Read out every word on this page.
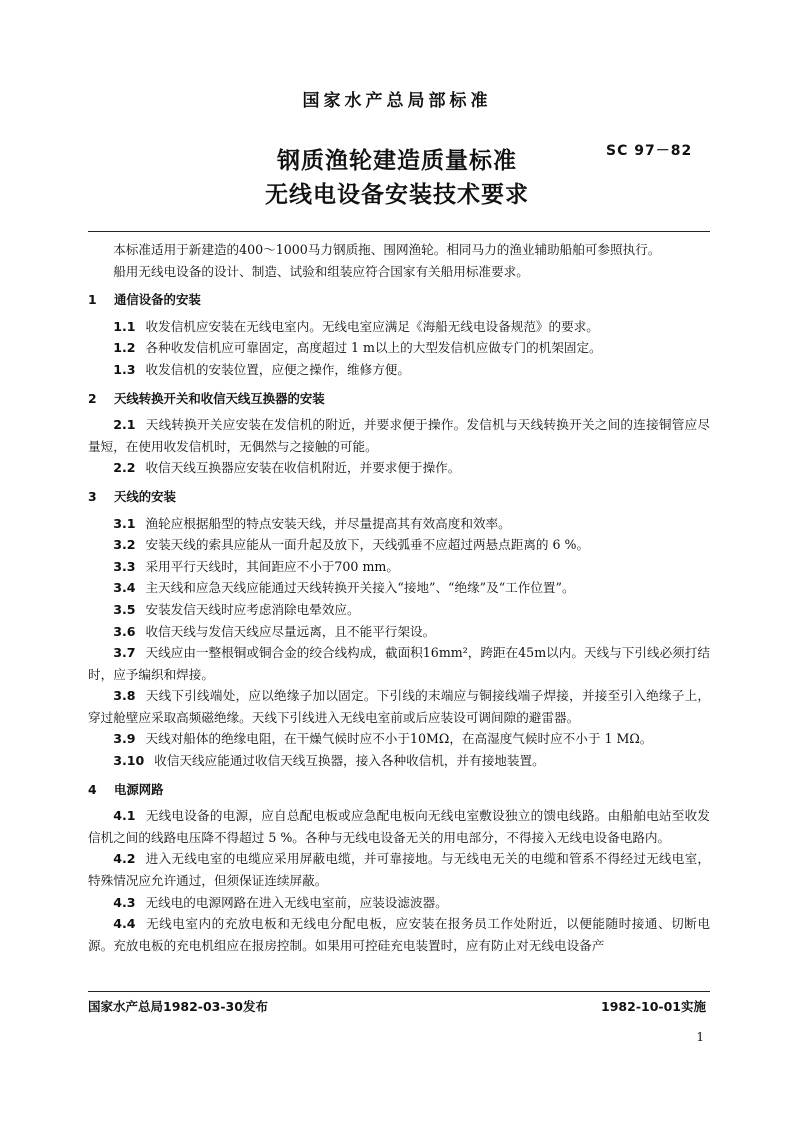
国家水产总局部标准
钢质渔轮建造质量标准
无线电设备安装技术要求
SC 97－82

本标准适用于新建造的400～1000马力钢质拖、围网渔轮。相同马力的渔业辅助船舶可参照执行。

船用无线电设备的设计、制造、试验和组装应符合国家有关船用标准要求。

1 通信设备的安装

1.1 收发信机应安装在无线电室内。无线电室应满足《海船无线电设备规范》的要求。

1.2 各种收发信机应可靠固定，高度超过 1 m以上的大型发信机应做专门的机架固定。

1.3 收发信机的安装位置，应便之操作，维修方便。

2 天线转换开关和收信天线互换器的安装

2.1 天线转换开关应安装在发信机的附近，并要求便于操作。发信机与天线转换开关之间的连接铜管应尽量短，在使用收发信机时，无偶然与之接触的可能。

2.2 收信天线互换器应安装在收信机附近，并要求便于操作。

3 天线的安装

3.1 渔轮应根据船型的特点安装天线，并尽量提高其有效高度和效率。

3.2 安装天线的索具应能从一面升起及放下，天线弧垂不应超过两悬点距离的 6 %。

3.3 采用平行天线时，其间距应不小于700 mm。

3.4 主天线和应急天线应能通过天线转换开关接入“接地”、“绝缘”及“工作位置”。

3.5 安装发信天线时应考虑消除电晕效应。

3.6 收信天线与发信天线应尽量远离，且不能平行架设。

3.7 天线应由一整根铜或铜合金的绞合线构成，截面积16mm²，跨距在45m以内。天线与下引线必须打结时，应予编织和焊接。

3.8 天线下引线端处，应以绝缘子加以固定。下引线的末端应与铜接线端子焊接，并接至引入绝缘子上，穿过舱壁应采取高频磁绝缘。天线下引线进入无线电室前或后应装设可调间隙的避雷器。

3.9 天线对船体的绝缘电阻，在干燥气候时应不小于10MΩ，在高湿度气候时应不小于 1 MΩ。

3.10 收信天线应能通过收信天线互换器，接入各种收信机，并有接地装置。

4 电源网路

4.1 无线电设备的电源，应自总配电板或应急配电板向无线电室敷设独立的馈电线路。由船舶电站至收发信机之间的线路电压降不得超过 5 %。各种与无线电设备无关的用电部分，不得接入无线电设备电路内。

4.2 进入无线电室的电缆应采用屏蔽电缆，并可靠接地。与无线电无关的电缆和管系不得经过无线电室，特殊情况应允许通过，但须保证连续屏蔽。

4.3 无线电的电源网路在进入无线电室前，应装设滤波器。

4.4 无线电室内的充放电板和无线电分配电板，应安装在报务员工作处附近，以便能随时接通、切断电源。充放电板的充电机组应在报房控制。如果用可控硅充电装置时，应有防止对无线电设备产

国家水产总局1982-03-30发布	1982-10-01实施
1
